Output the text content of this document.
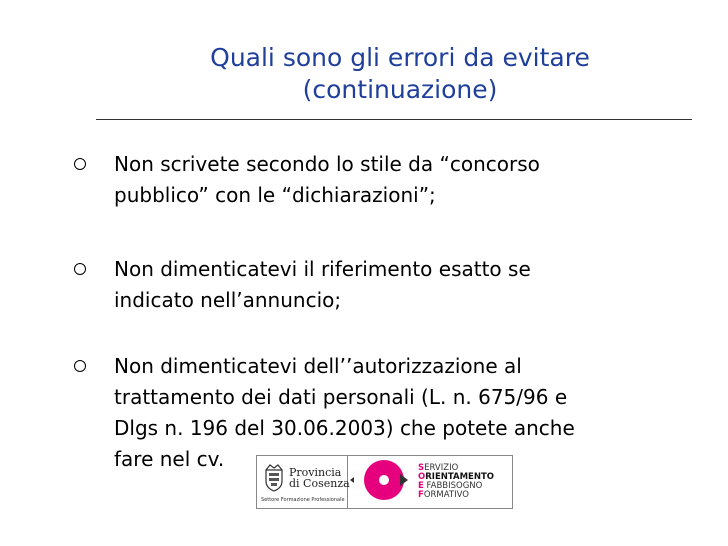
Quali sono gli errori da evitare
(continuazione)
Non scrivete secondo lo stile da “concorso
pubblico” con le “dichiarazioni”;
Non dimenticatevi il riferimento esatto se
indicato nell’annuncio;
Non dimenticatevi dell’’autorizzazione al
trattamento dei dati personali (L. n. 675/96 e
Dlgs n. 196 del 30.06.2003) che potete anche
fare nel cv.
Provincia
di Cosenza
Settore Formazione Professionale
SERVIZIO
ORIENTAMENTO
E FABBISOGNO
FORMATIVO
